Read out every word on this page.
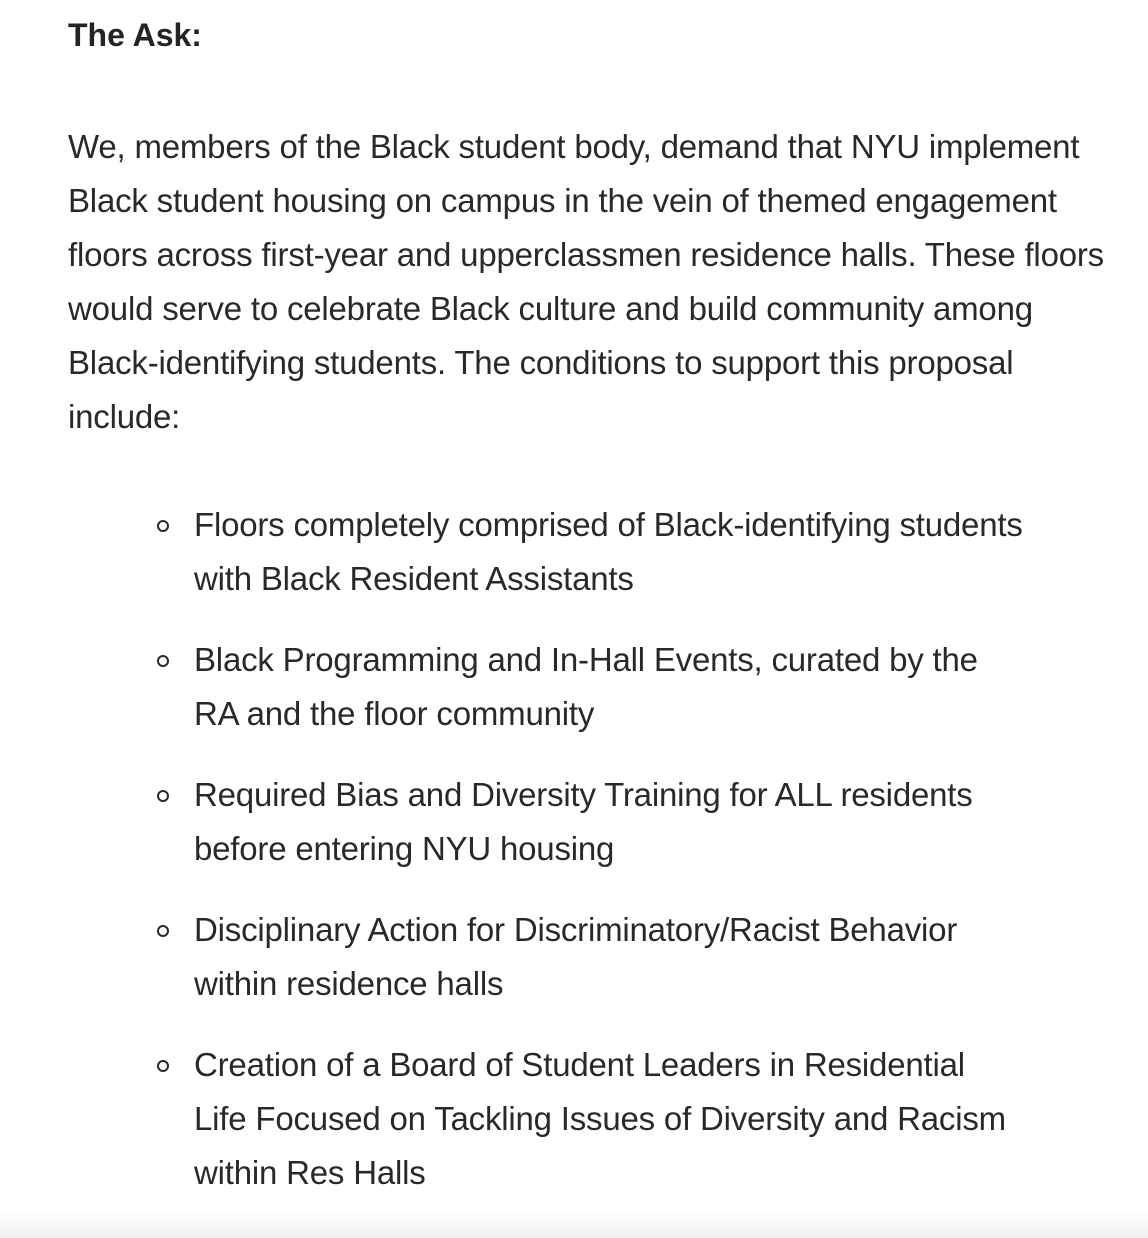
The Ask:

We, members of the Black student body, demand that NYU implement Black student housing on campus in the vein of themed engagement floors across first-year and upperclassmen residence halls. These floors would serve to celebrate Black culture and build community among Black-identifying students. The conditions to support this proposal include:

Floors completely comprised of Black-identifying students with Black Resident Assistants
Black Programming and In-Hall Events, curated by the RA and the floor community
Required Bias and Diversity Training for ALL residents before entering NYU housing
Disciplinary Action for Discriminatory/Racist Behavior within residence halls
Creation of a Board of Student Leaders in Residential Life Focused on Tackling Issues of Diversity and Racism within Res Halls
